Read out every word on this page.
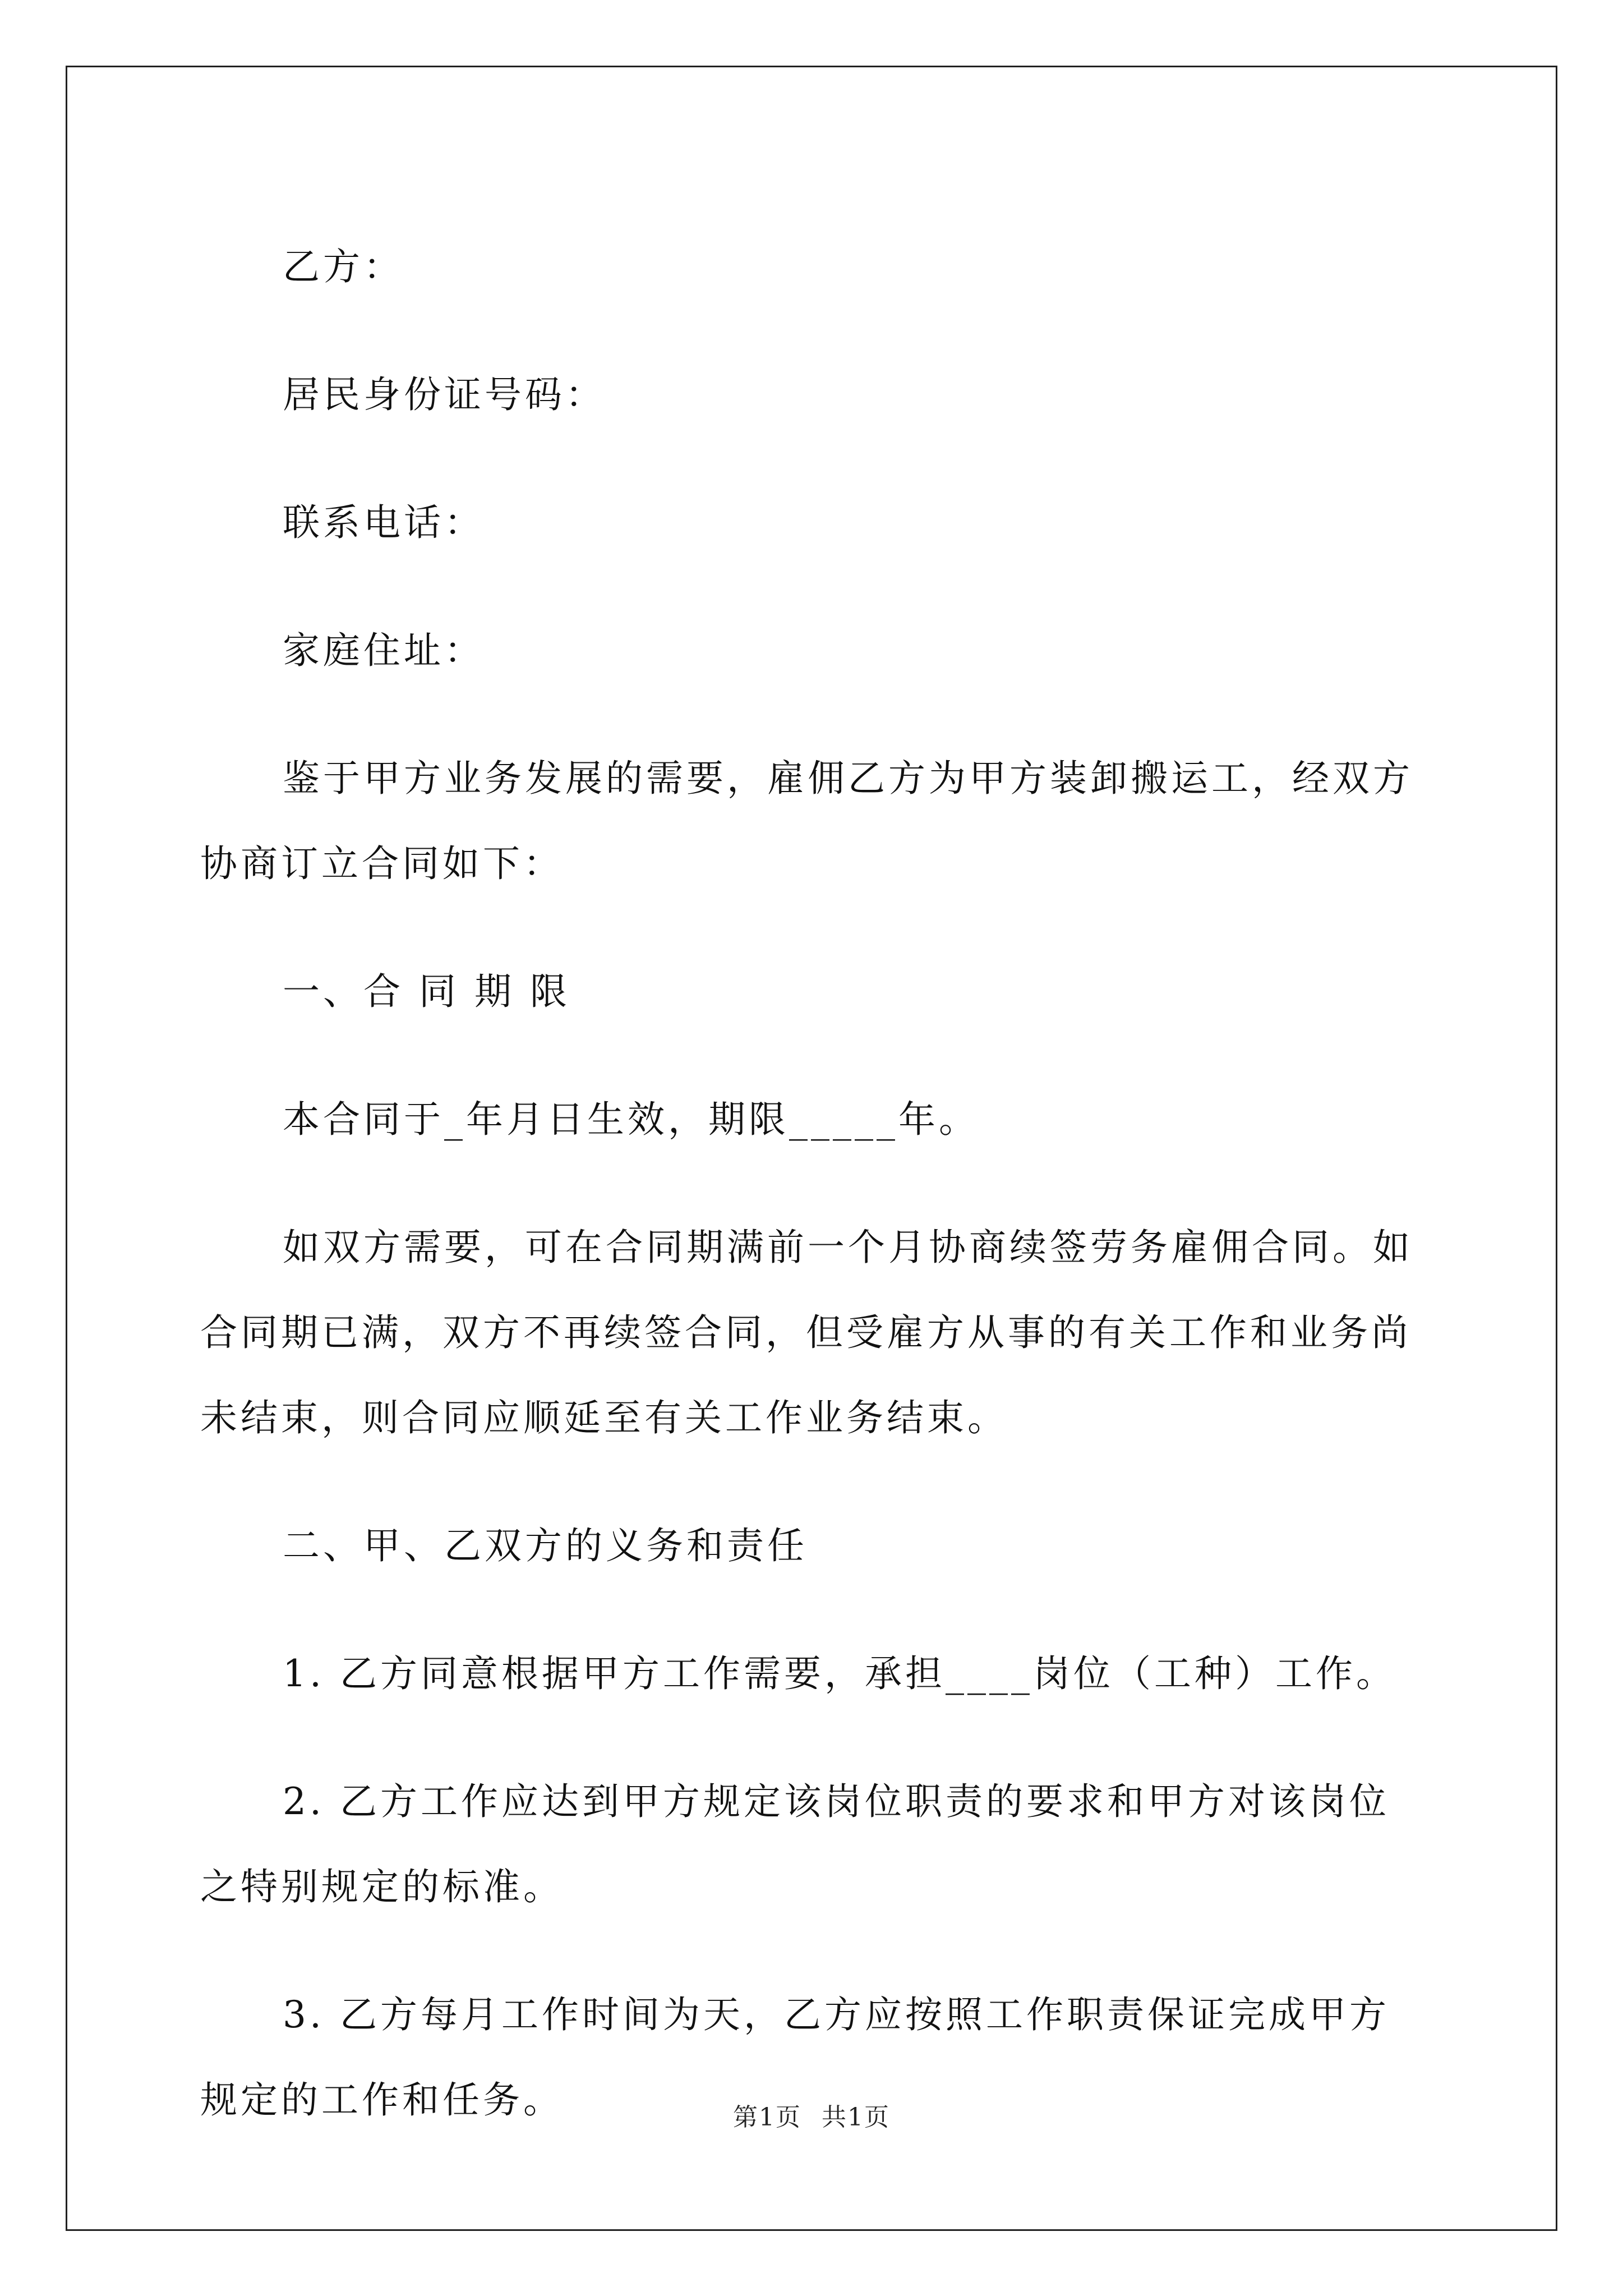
乙方：

居民身份证号码：

联系电话：

家庭住址：

鉴于甲方业务发展的需要，雇佣乙方为甲方装卸搬运工，经双方协商订立合同如下：

一、合 同 期 限

本合同于_年月日生效，期限_____年。

如双方需要，可在合同期满前一个月协商续签劳务雇佣合同。如合同期已满，双方不再续签合同，但受雇方从事的有关工作和业务尚未结束，则合同应顺延至有关工作业务结束。

二、甲、乙双方的义务和责任

1. 乙方同意根据甲方工作需要，承担____岗位（工种）工作。

2. 乙方工作应达到甲方规定该岗位职责的要求和甲方对该岗位之特别规定的标准。

3. 乙方每月工作时间为天，乙方应按照工作职责保证完成甲方规定的工作和任务。	第1页 共1页
